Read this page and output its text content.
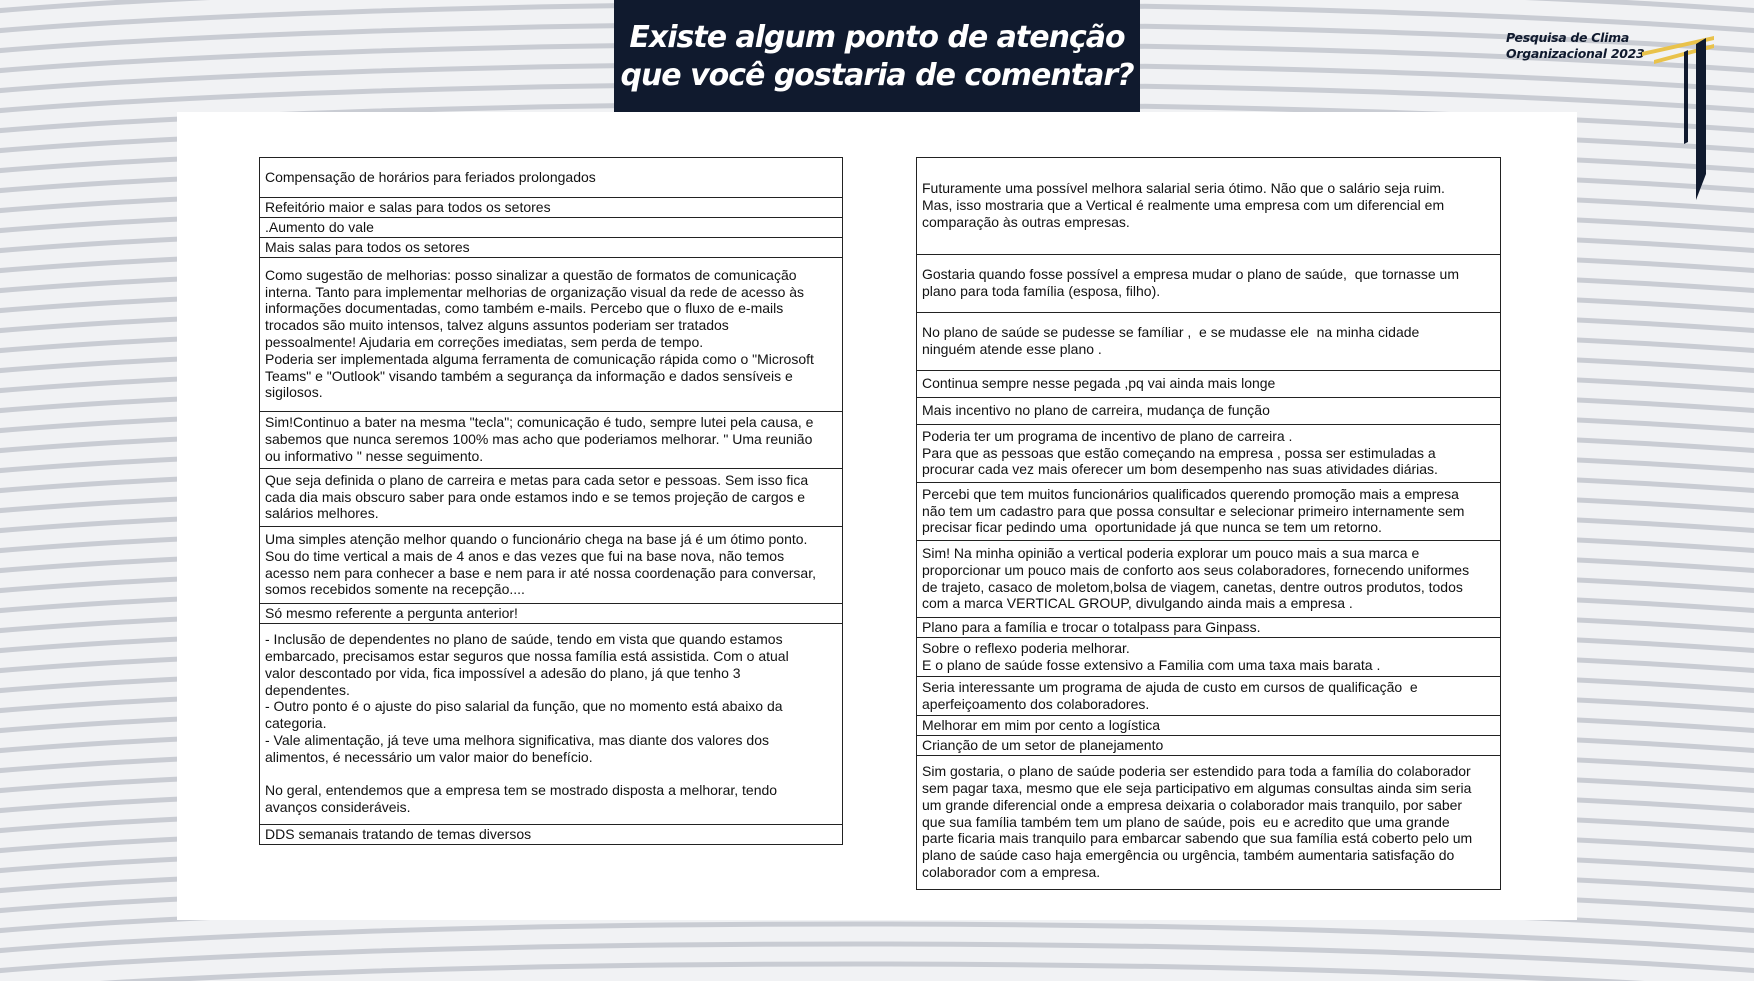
Existe algum ponto de atenção
que você gostaria de comentar?
Pesquisa de Clima
Organizacional 2023
Compensação de horários para feriados prolongados
Refeitório maior e salas para todos os setores
.Aumento do vale
Mais salas para todos os setores
Como sugestão de melhorias: posso sinalizar a questão de formatos de comunicação
interna. Tanto para implementar melhorias de organização visual da rede de acesso às
informações documentadas, como também e-mails. Percebo que o fluxo de e-mails
trocados são muito intensos, talvez alguns assuntos poderiam ser tratados
pessoalmente! Ajudaria em correções imediatas, sem perda de tempo.
Poderia ser implementada alguma ferramenta de comunicação rápida como o "Microsoft
Teams" e "Outlook" visando também a segurança da informação e dados sensíveis e
sigilosos.
Sim!Continuo a bater na mesma "tecla"; comunicação é tudo, sempre lutei pela causa, e
sabemos que nunca seremos 100% mas acho que poderiamos melhorar. " Uma reunião
ou informativo " nesse seguimento.
Que seja definida o plano de carreira e metas para cada setor e pessoas. Sem isso fica
cada dia mais obscuro saber para onde estamos indo e se temos projeção de cargos e
salários melhores.
Uma simples atenção melhor quando o funcionário chega na base já é um ótimo ponto.
Sou do time vertical a mais de 4 anos e das vezes que fui na base nova, não temos
acesso nem para conhecer a base e nem para ir até nossa coordenação para conversar,
somos recebidos somente na recepção....
Só mesmo referente a pergunta anterior!
- Inclusão de dependentes no plano de saúde, tendo em vista que quando estamos
embarcado, precisamos estar seguros que nossa família está assistida. Com o atual
valor descontado por vida, fica impossível a adesão do plano, já que tenho 3
dependentes.
- Outro ponto é o ajuste do piso salarial da função, que no momento está abaixo da
categoria.
- Vale alimentação, já teve uma melhora significativa, mas diante dos valores dos
alimentos, é necessário um valor maior do benefício.

No geral, entendemos que a empresa tem se mostrado disposta a melhorar, tendo
avanços consideráveis.
DDS semanais tratando de temas diversos
Futuramente uma possível melhora salarial seria ótimo. Não que o salário seja ruim.
Mas, isso mostraria que a Vertical é realmente uma empresa com um diferencial em
comparação às outras empresas.
Gostaria quando fosse possível a empresa mudar o plano de saúde,  que tornasse um
plano para toda família (esposa, filho).
No plano de saúde se pudesse se famíliar ,  e se mudasse ele  na minha cidade
ninguém atende esse plano .
Continua sempre nesse pegada ,pq vai ainda mais longe
Mais incentivo no plano de carreira, mudança de função
Poderia ter um programa de incentivo de plano de carreira .
Para que as pessoas que estão começando na empresa , possa ser estimuladas a
procurar cada vez mais oferecer um bom desempenho nas suas atividades diárias.
Percebi que tem muitos funcionários qualificados querendo promoção mais a empresa
não tem um cadastro para que possa consultar e selecionar primeiro internamente sem
precisar ficar pedindo uma  oportunidade já que nunca se tem um retorno.
Sim! Na minha opinião a vertical poderia explorar um pouco mais a sua marca e
proporcionar um pouco mais de conforto aos seus colaboradores, fornecendo uniformes
de trajeto, casaco de moletom,bolsa de viagem, canetas, dentre outros produtos, todos
com a marca VERTICAL GROUP, divulgando ainda mais a empresa .
Plano para a família e trocar o totalpass para Ginpass.
Sobre o reflexo poderia melhorar.
E o plano de saúde fosse extensivo a Familia com uma taxa mais barata .
Seria interessante um programa de ajuda de custo em cursos de qualificação  e
aperfeiçoamento dos colaboradores.
Melhorar em mim por cento a logística
Crianção de um setor de planejamento
Sim gostaria, o plano de saúde poderia ser estendido para toda a família do colaborador
sem pagar taxa, mesmo que ele seja participativo em algumas consultas ainda sim seria
um grande diferencial onde a empresa deixaria o colaborador mais tranquilo, por saber
que sua família também tem um plano de saúde, pois  eu e acredito que uma grande
parte ficaria mais tranquilo para embarcar sabendo que sua família está coberto pelo um
plano de saúde caso haja emergência ou urgência, também aumentaria satisfação do
colaborador com a empresa.
